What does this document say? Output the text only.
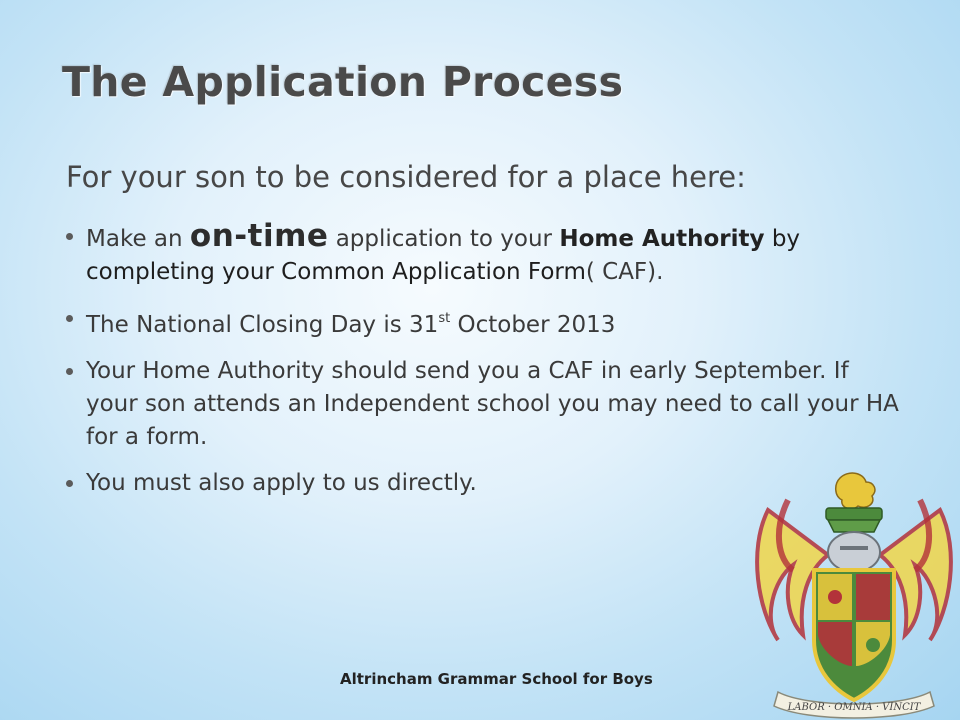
The Application Process

For your son to be considered for a place here:

Make an on-time application to your Home Authority by completing your Common Application Form( CAF).
The National Closing Day is 31st October 2013
Your Home Authority should send you a CAF in early September. If your son attends an Independent school you may need to call your HA for a form.
You must also apply to us directly.
Altrincham Grammar School for Boys
LABOR · OMNIA · VINCIT
